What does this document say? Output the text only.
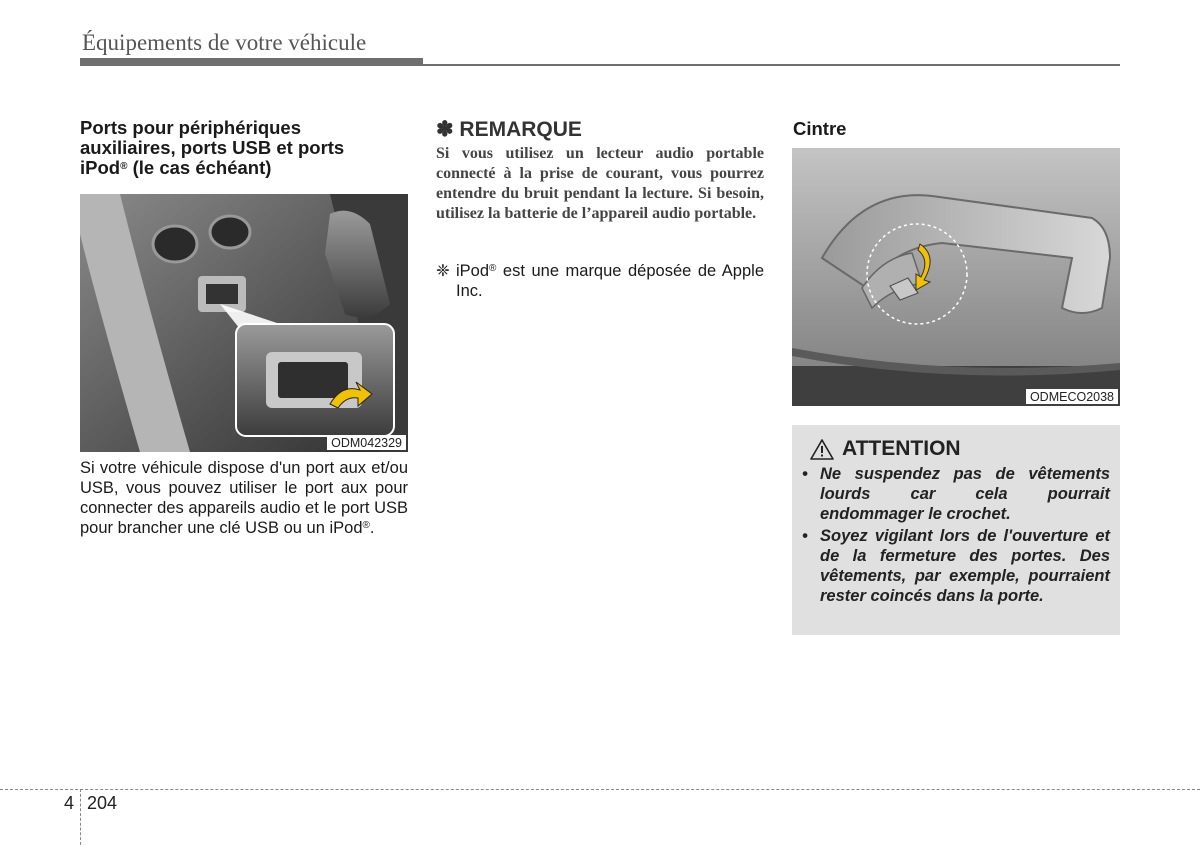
Équipements de votre véhicule
Ports pour périphériques
auxiliaires, ports USB et ports
iPod® (le cas échéant)
ODM042329
Si votre véhicule dispose d'un port aux et/ou USB, vous pouvez utiliser le port aux pour connecter des appareils audio et le port USB pour brancher une clé USB ou un iPod®.
✽ REMARQUE
Si vous utilisez un lecteur audio portable connecté à la prise de courant, vous pourrez entendre du bruit pendant la lecture. Si besoin, utilisez la batterie de l’appareil audio portable.
❈ iPod® est une marque déposée de Apple Inc.
Cintre
ODMECO2038
ATTENTION
• Ne suspendez pas de vêtements lourds car cela pourrait endommager le crochet.
• Soyez vigilant lors de l'ouverture et de la fermeture des portes. Des vêtements, par exemple, pourraient rester coincés dans la porte.
4 204
